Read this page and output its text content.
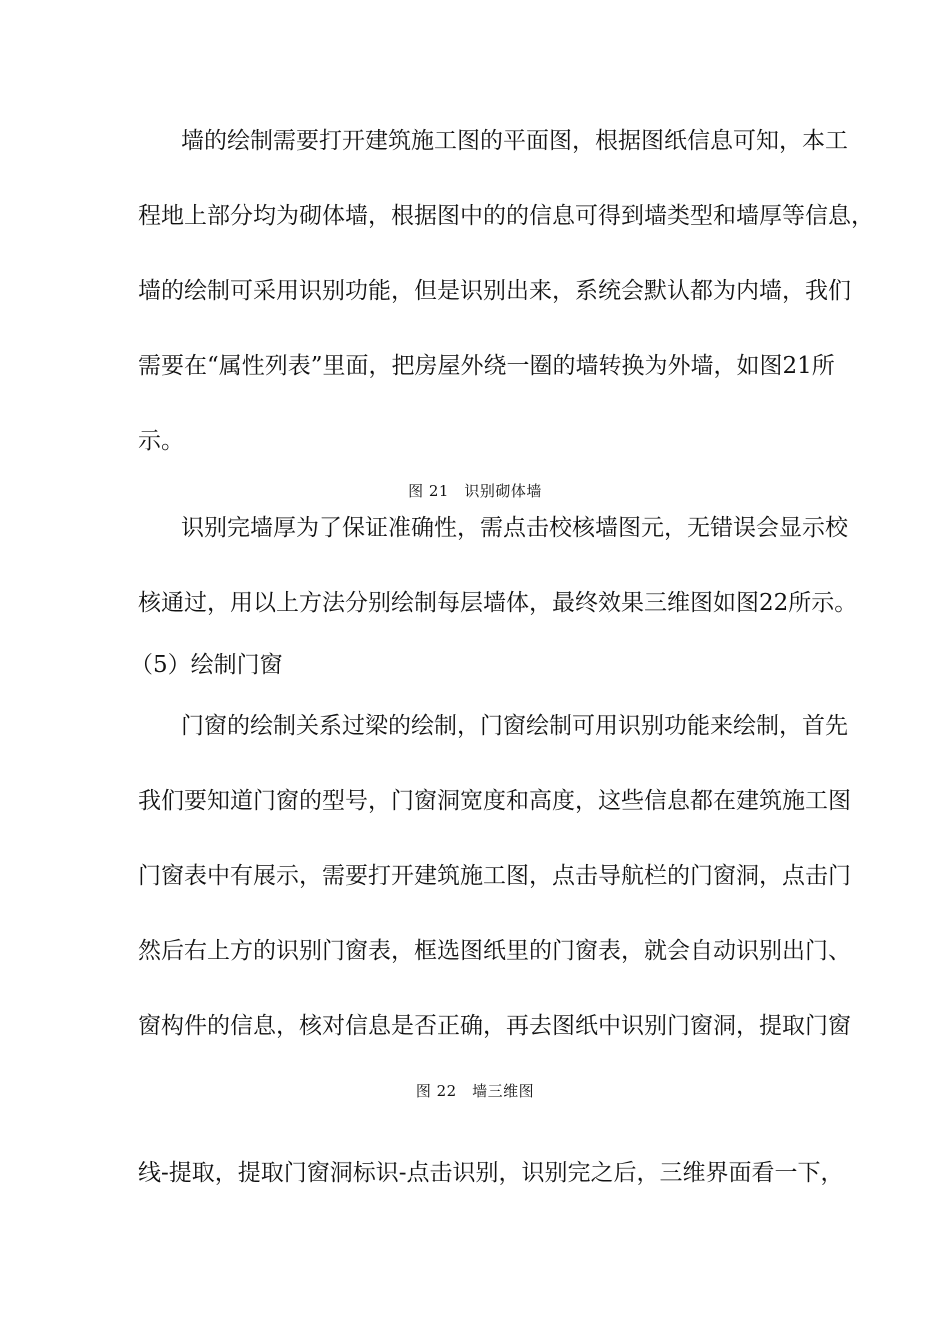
墙的绘制需要打开建筑施工图的平面图，根据图纸信息可知，本工
程地上部分均为砌体墙，根据图中的的信息可得到墙类型和墙厚等信息，
墙的绘制可采用识别功能，但是识别出来，系统会默认都为内墙，我们
需要在“属性列表”里面，把房屋外绕一圈的墙转换为外墙，如图21所
示。
图 21　识别砌体墙
识别完墙厚为了保证准确性，需点击校核墙图元，无错误会显示校
核通过，用以上方法分别绘制每层墙体，最终效果三维图如图22所示。
（5）绘制门窗
门窗的绘制关系过梁的绘制，门窗绘制可用识别功能来绘制，首先
我们要知道门窗的型号，门窗洞宽度和高度，这些信息都在建筑施工图
门窗表中有展示，需要打开建筑施工图，点击导航栏的门窗洞，点击门
然后右上方的识别门窗表，框选图纸里的门窗表，就会自动识别出门、
窗构件的信息，核对信息是否正确，再去图纸中识别门窗洞，提取门窗
图 22　墙三维图
线-提取，提取门窗洞标识-点击识别，识别完之后，三维界面看一下，
